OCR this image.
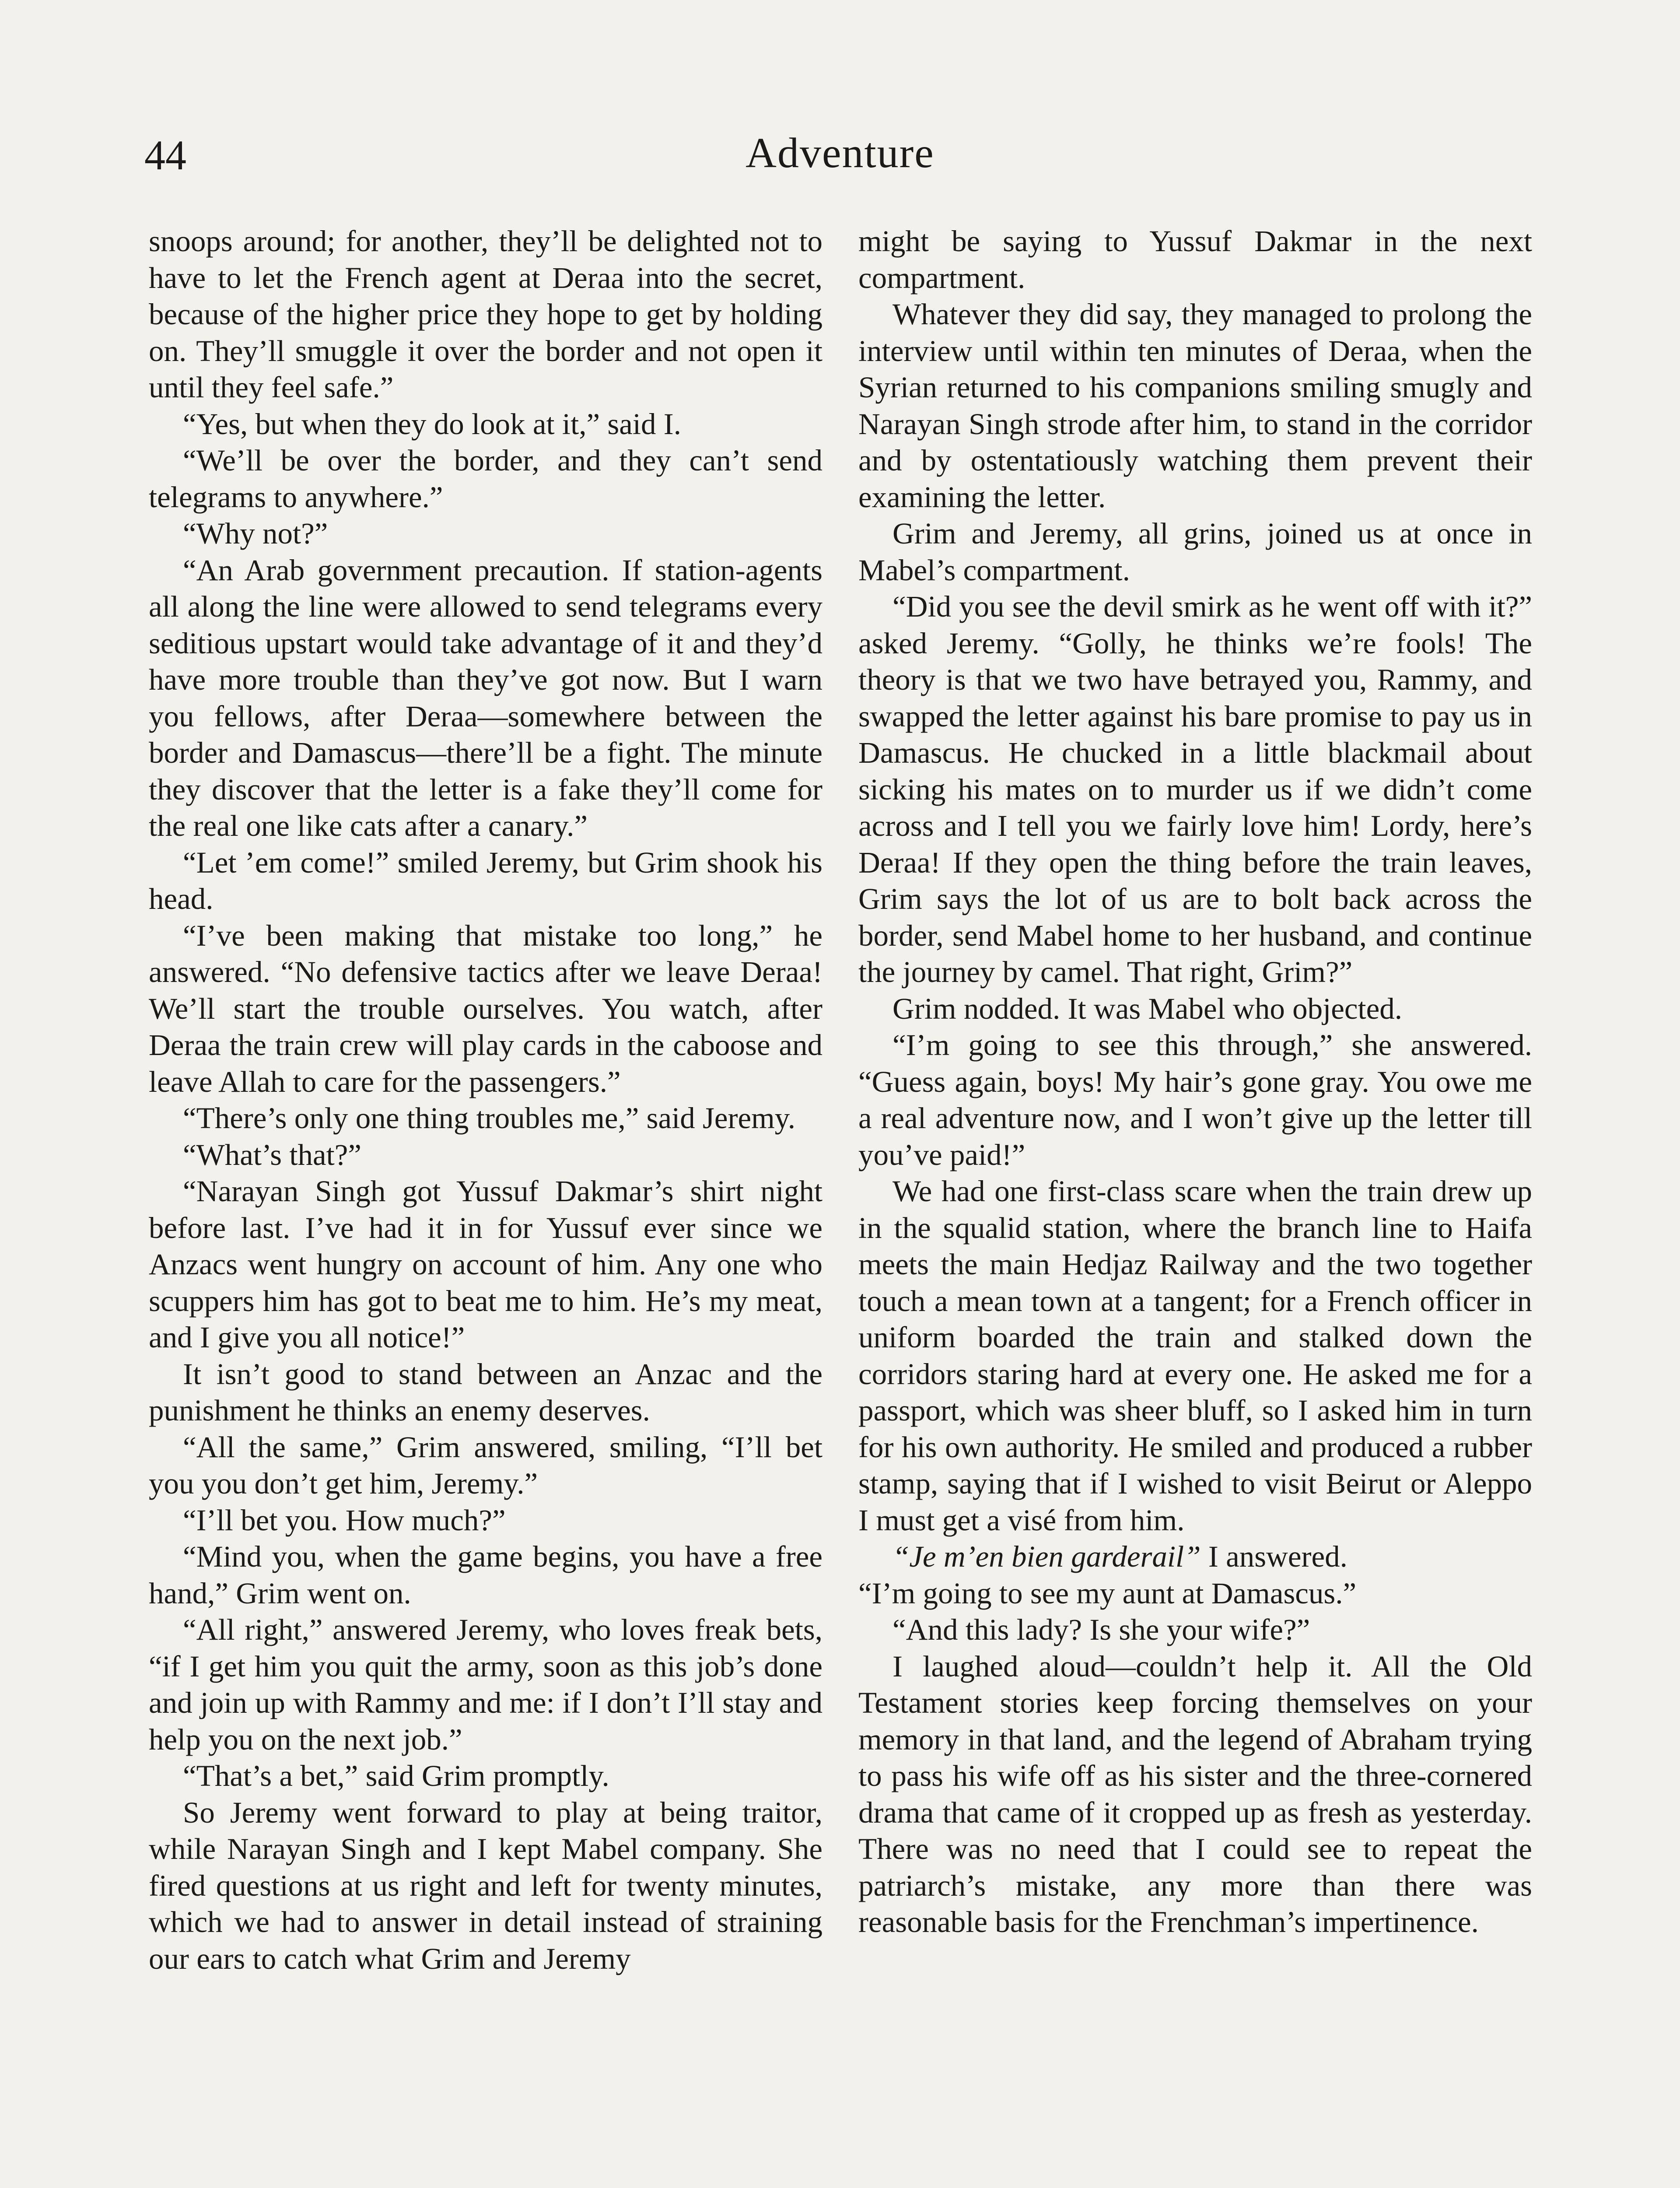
44	Adventure

snoops around; for another, they’ll be delighted not to have to let the French agent at Deraa into the secret, because of the higher price they hope to get by holding on. They’ll smuggle it over the border and not open it until they feel safe.”

“Yes, but when they do look at it,” said I.

“We’ll be over the border, and they can’t send telegrams to anywhere.”

“Why not?”

“An Arab government precaution. If station-agents all along the line were allowed to send telegrams every seditious upstart would take advantage of it and they’d have more trouble than they’ve got now. But I warn you fellows, after Deraa—somewhere between the border and Damascus—there’ll be a fight. The minute they discover that the letter is a fake they’ll come for the real one like cats after a canary.”

“Let ’em come!” smiled Jeremy, but Grim shook his head.

“I’ve been making that mistake too long,” he answered. “No defensive tactics after we leave Deraa! We’ll start the trouble ourselves. You watch, after Deraa the train crew will play cards in the caboose and leave Allah to care for the passengers.”

“There’s only one thing troubles me,” said Jeremy.

“What’s that?”

“Narayan Singh got Yussuf Dakmar’s shirt night before last. I’ve had it in for Yussuf ever since we Anzacs went hungry on account of him. Any one who scuppers him has got to beat me to him. He’s my meat, and I give you all notice!”

It isn’t good to stand between an Anzac and the punishment he thinks an enemy deserves.

“All the same,” Grim answered, smiling, “I’ll bet you you don’t get him, Jeremy.”

“I’ll bet you. How much?”

“Mind you, when the game begins, you have a free hand,” Grim went on.

“All right,” answered Jeremy, who loves freak bets, “if I get him you quit the army, soon as this job’s done and join up with Rammy and me: if I don’t I’ll stay and help you on the next job.”

“That’s a bet,” said Grim promptly.

So Jeremy went forward to play at being traitor, while Narayan Singh and I kept Mabel company. She fired questions at us right and left for twenty minutes, which we had to answer in detail instead of straining our ears to catch what Grim and Jeremy

might be saying to Yussuf Dakmar in the next compartment.

Whatever they did say, they managed to prolong the interview until within ten minutes of Deraa, when the Syrian returned to his companions smiling smugly and Narayan Singh strode after him, to stand in the corridor and by ostentatiously watching them prevent their examining the letter.

Grim and Jeremy, all grins, joined us at once in Mabel’s compartment.

“Did you see the devil smirk as he went off with it?” asked Jeremy. “Golly, he thinks we’re fools! The theory is that we two have betrayed you, Rammy, and swapped the letter against his bare promise to pay us in Damascus. He chucked in a little blackmail about sicking his mates on to murder us if we didn’t come across and I tell you we fairly love him! Lordy, here’s Deraa! If they open the thing before the train leaves, Grim says the lot of us are to bolt back across the border, send Mabel home to her husband, and continue the journey by camel. That right, Grim?”

Grim nodded. It was Mabel who objected.

“I’m going to see this through,” she answered. “Guess again, boys! My hair’s gone gray. You owe me a real adventure now, and I won’t give up the letter till you’ve paid!”

We had one first-class scare when the train drew up in the squalid station, where the branch line to Haifa meets the main Hedjaz Railway and the two together touch a mean town at a tangent; for a French officer in uniform boarded the train and stalked down the corridors staring hard at every one. He asked me for a passport, which was sheer bluff, so I asked him in turn for his own authority. He smiled and produced a rubber stamp, saying that if I wished to visit Beirut or Aleppo I must get a visé from him.

“Je m’en bien garderail” I answered.

“I’m going to see my aunt at Damascus.”

“And this lady? Is she your wife?”

I laughed aloud—couldn’t help it. All the Old Testament stories keep forcing themselves on your memory in that land, and the legend of Abraham trying to pass his wife off as his sister and the three-cornered drama that came of it cropped up as fresh as yesterday. There was no need that I could see to repeat the patriarch’s mistake, any more than there was reasonable basis for the Frenchman’s impertinence.
